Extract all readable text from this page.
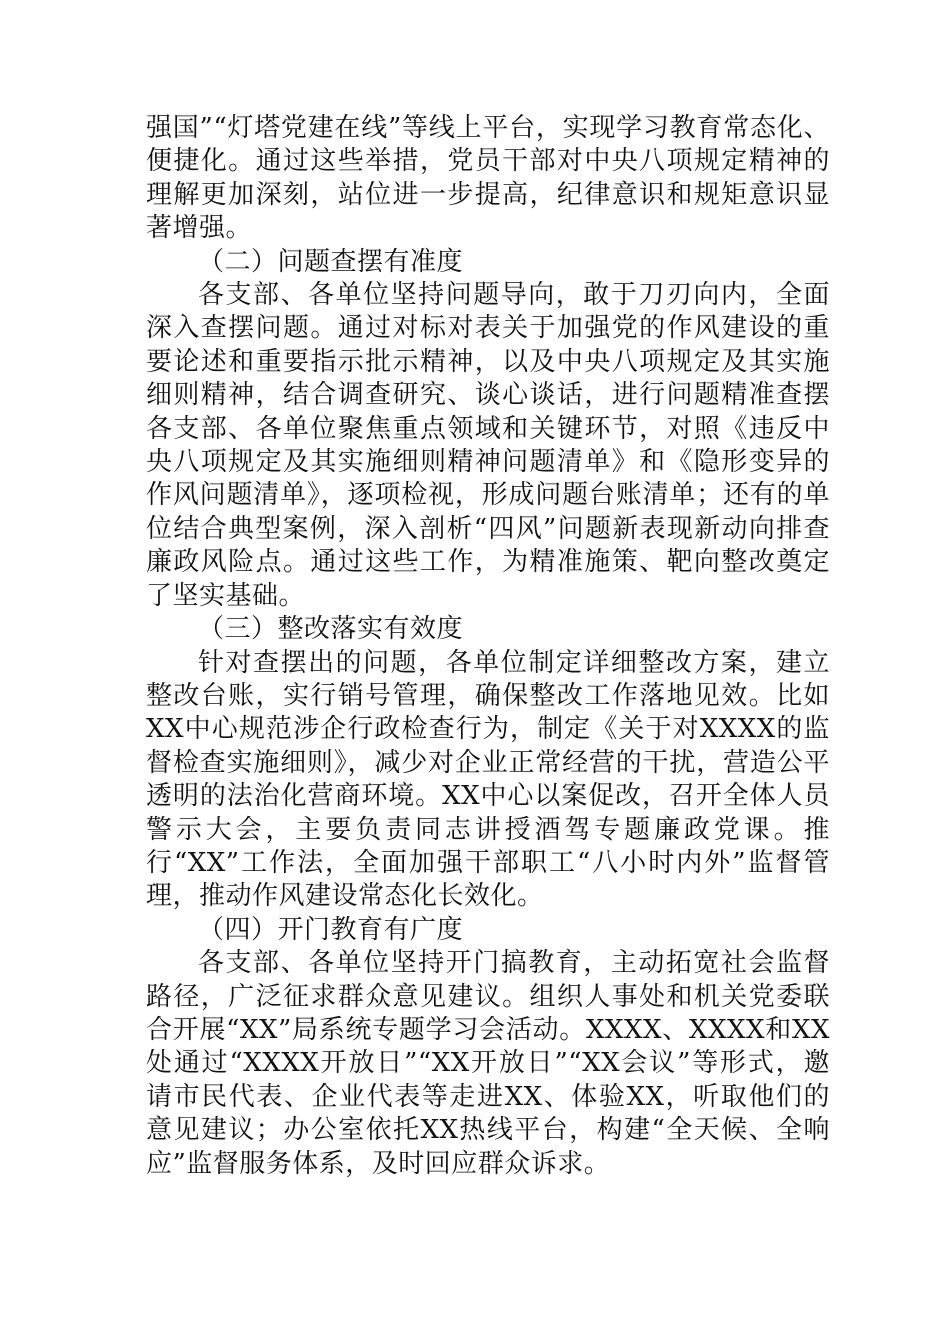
强国”“灯塔党建在线”等线上平台，实现学习教育常态化、便捷化。通过这些举措，党员干部对中央八项规定精神的理解更加深刻，站位进一步提高，纪律意识和规矩意识显著增强。

（二）问题查摆有准度

各支部、各单位坚持问题导向，敢于刀刃向内，全面深入查摆问题。通过对标对表关于加强党的作风建设的重要论述和重要指示批示精神，以及中央八项规定及其实施细则精神，结合调查研究、谈心谈话，进行问题精准查摆各支部、各单位聚焦重点领域和关键环节，对照《违反中央八项规定及其实施细则精神问题清单》和《隐形变异的作风问题清单》，逐项检视，形成问题台账清单；还有的单位结合典型案例，深入剖析“四风”问题新表现新动向排查廉政风险点。通过这些工作，为精准施策、靶向整改奠定了坚实基础。

（三）整改落实有效度

针对查摆出的问题，各单位制定详细整改方案，建立整改台账，实行销号管理，确保整改工作落地见效。比如XX中心规范涉企行政检查行为，制定《关于对XXXX的监督检查实施细则》，减少对企业正常经营的干扰，营造公平透明的法治化营商环境。XX中心以案促改，召开全体人员警示大会，主要负责同志讲授酒驾专题廉政党课。推行“XX”工作法，全面加强干部职工“八小时内外”监督管理，推动作风建设常态化长效化。

（四）开门教育有广度

各支部、各单位坚持开门搞教育，主动拓宽社会监督路径，广泛征求群众意见建议。组织人事处和机关党委联合开展“XX”局系统专题学习会活动。XXXX、XXXX和XX处通过“XXXX开放日”“XX开放日”“XX会议”等形式，邀请市民代表、企业代表等走进XX、体验XX，听取他们的意见建议；办公室依托XX热线平台，构建“全天候、全响应”监督服务体系，及时回应群众诉求。
